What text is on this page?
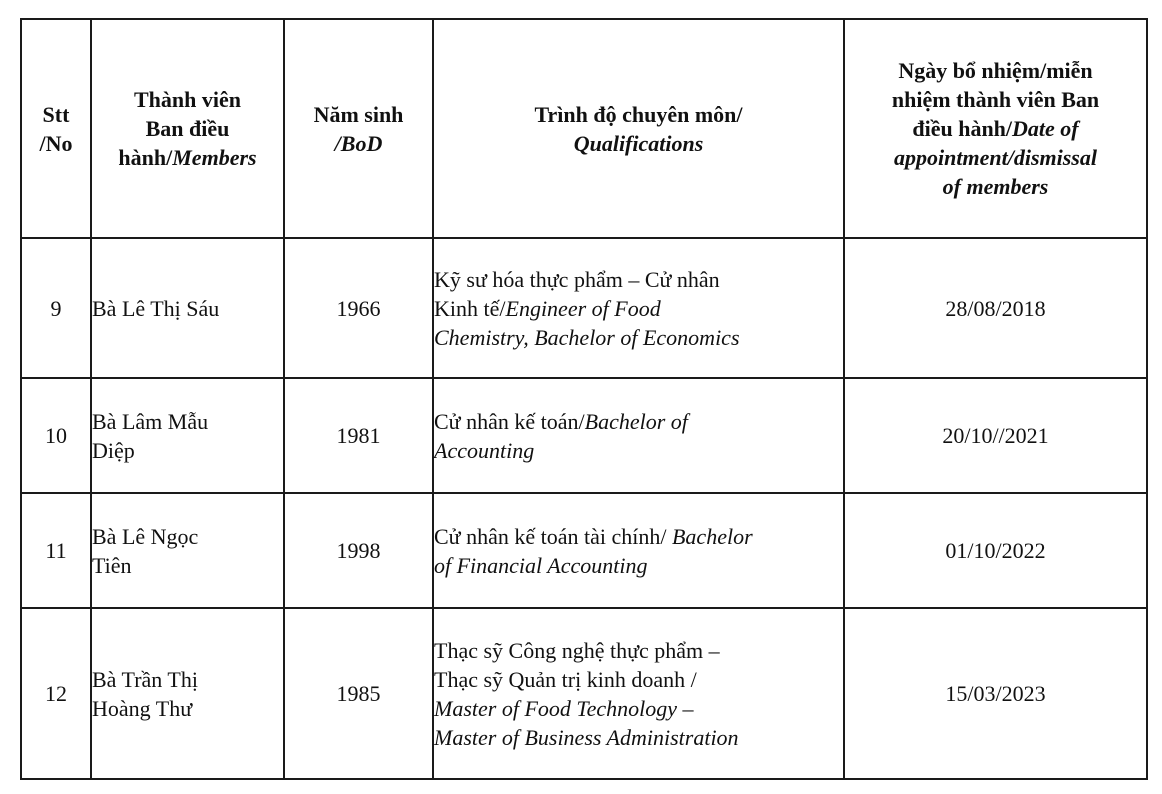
Stt
/No	Thành viên
Ban điều
hành/Members	Năm sinh
/BoD	Trình độ chuyên môn/
Qualifications	Ngày bổ nhiệm/miễn
nhiệm thành viên Ban
điều hành/Date of
appointment/dismissal
of members

9	Bà Lê Thị Sáu	1966	Kỹ sư hóa thực phẩm – Cử nhân
Kinh tế/Engineer of Food
Chemistry, Bachelor of Economics	28/08/2018
10	Bà Lâm Mẫu
Diệp	1981	Cử nhân kế toán/Bachelor of
Accounting	20/10//2021
11	Bà Lê Ngọc
Tiên	1998	Cử nhân kế toán tài chính/ Bachelor
of Financial Accounting	01/10/2022
12	Bà Trần Thị
Hoàng Thư	1985	Thạc sỹ Công nghệ thực phẩm –
Thạc sỹ Quản trị kinh doanh /
Master of Food Technology –
Master of Business Administration	15/03/2023
